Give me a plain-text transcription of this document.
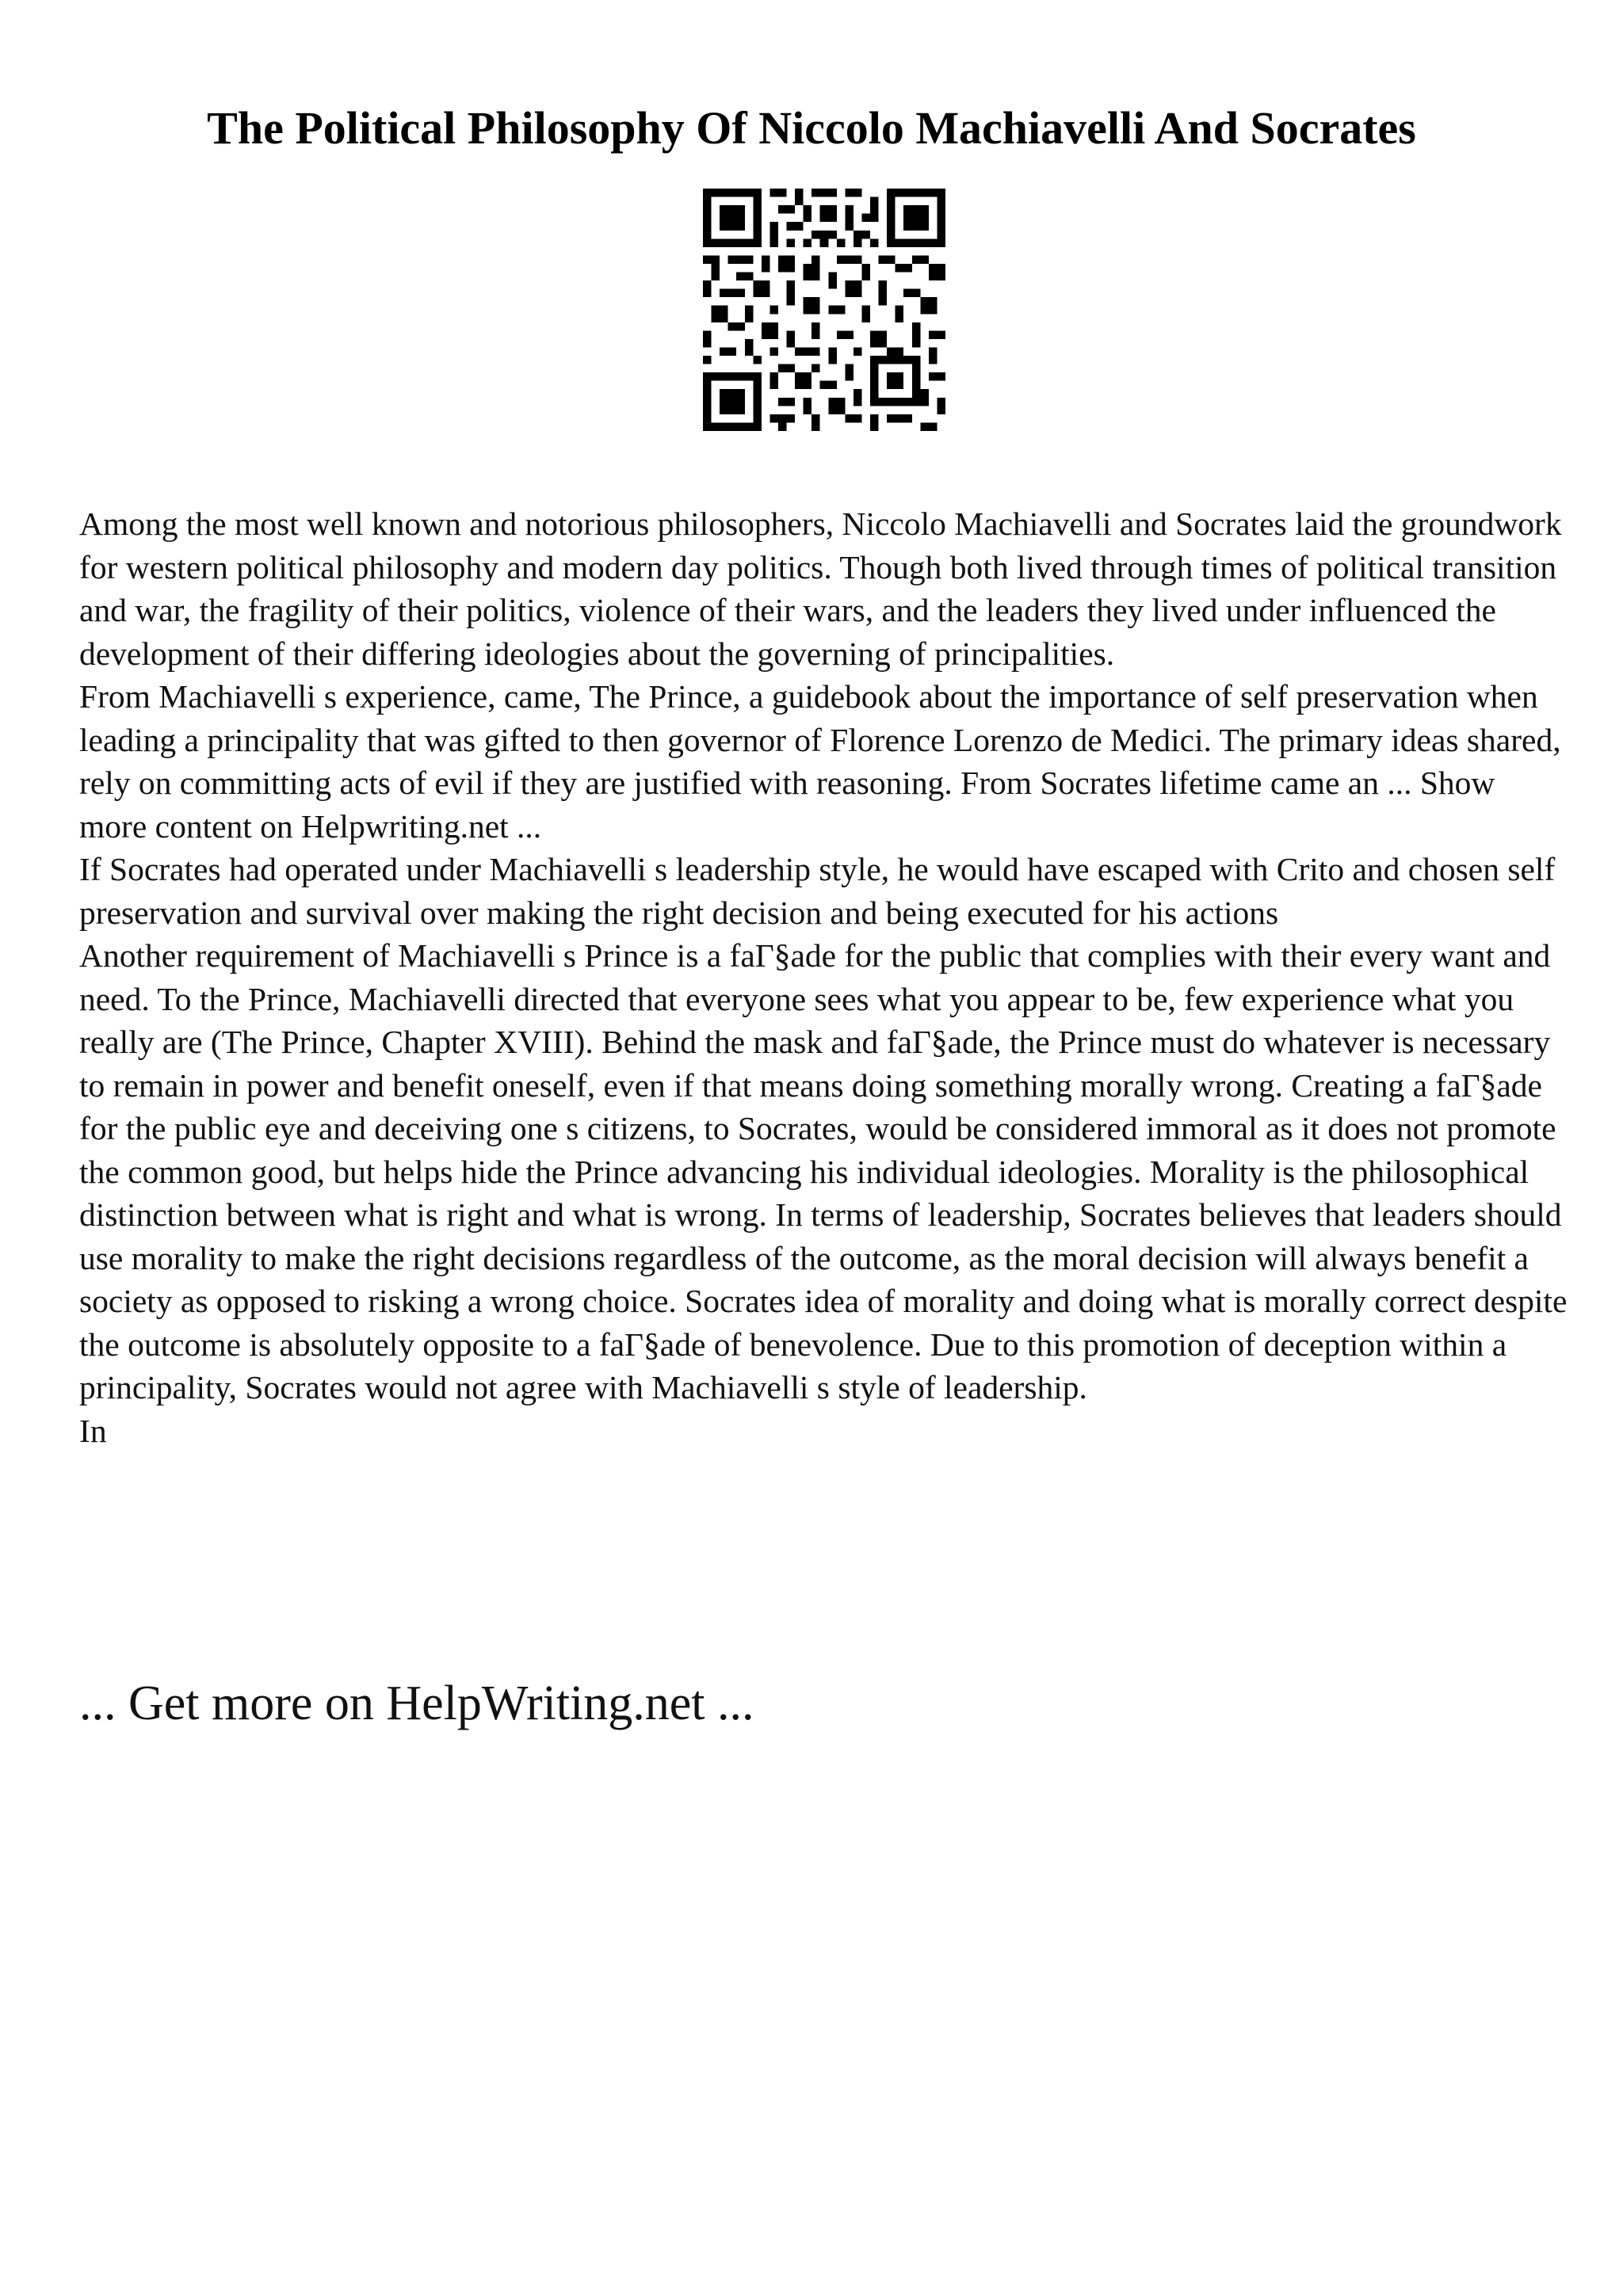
The Political Philosophy Of Niccolo Machiavelli And Socrates

Among the most well known and notorious philosophers, Niccolo Machiavelli and Socrates laid the groundwork for western political philosophy and modern day politics. Though both lived through times of political transition and war, the fragility of their politics, violence of their wars, and the leaders they lived under influenced the development of their differing ideologies about the governing of principalities.

From Machiavelli s experience, came, The Prince, a guidebook about the importance of self preservation when leading a principality that was gifted to then governor of Florence Lorenzo de Medici. The primary ideas shared, rely on committing acts of evil if they are justified with reasoning. From Socrates lifetime came an ... Show more content on Helpwriting.net ...

If Socrates had operated under Machiavelli s leadership style, he would have escaped with Crito and chosen self preservation and survival over making the right decision and being executed for his actions

Another requirement of Machiavelli s Prince is a faГ§ade for the public that complies with their every want and need. To the Prince, Machiavelli directed that everyone sees what you appear to be, few experience what you really are (The Prince, Chapter XVIII). Behind the mask and faГ§ade, the Prince must do whatever is necessary to remain in power and benefit oneself, even if that means doing something morally wrong. Creating a faГ§ade for the public eye and deceiving one s citizens, to Socrates, would be considered immoral as it does not promote the common good, but helps hide the Prince advancing his individual ideologies. Morality is the philosophical distinction between what is right and what is wrong. In terms of leadership, Socrates believes that leaders should use morality to make the right decisions regardless of the outcome, as the moral decision will always benefit a society as opposed to risking a wrong choice. Socrates idea of morality and doing what is morally correct despite the outcome is absolutely opposite to a faГ§ade of benevolence. Due to this promotion of deception within a principality, Socrates would not agree with Machiavelli s style of leadership.

In

... Get more on HelpWriting.net ...
